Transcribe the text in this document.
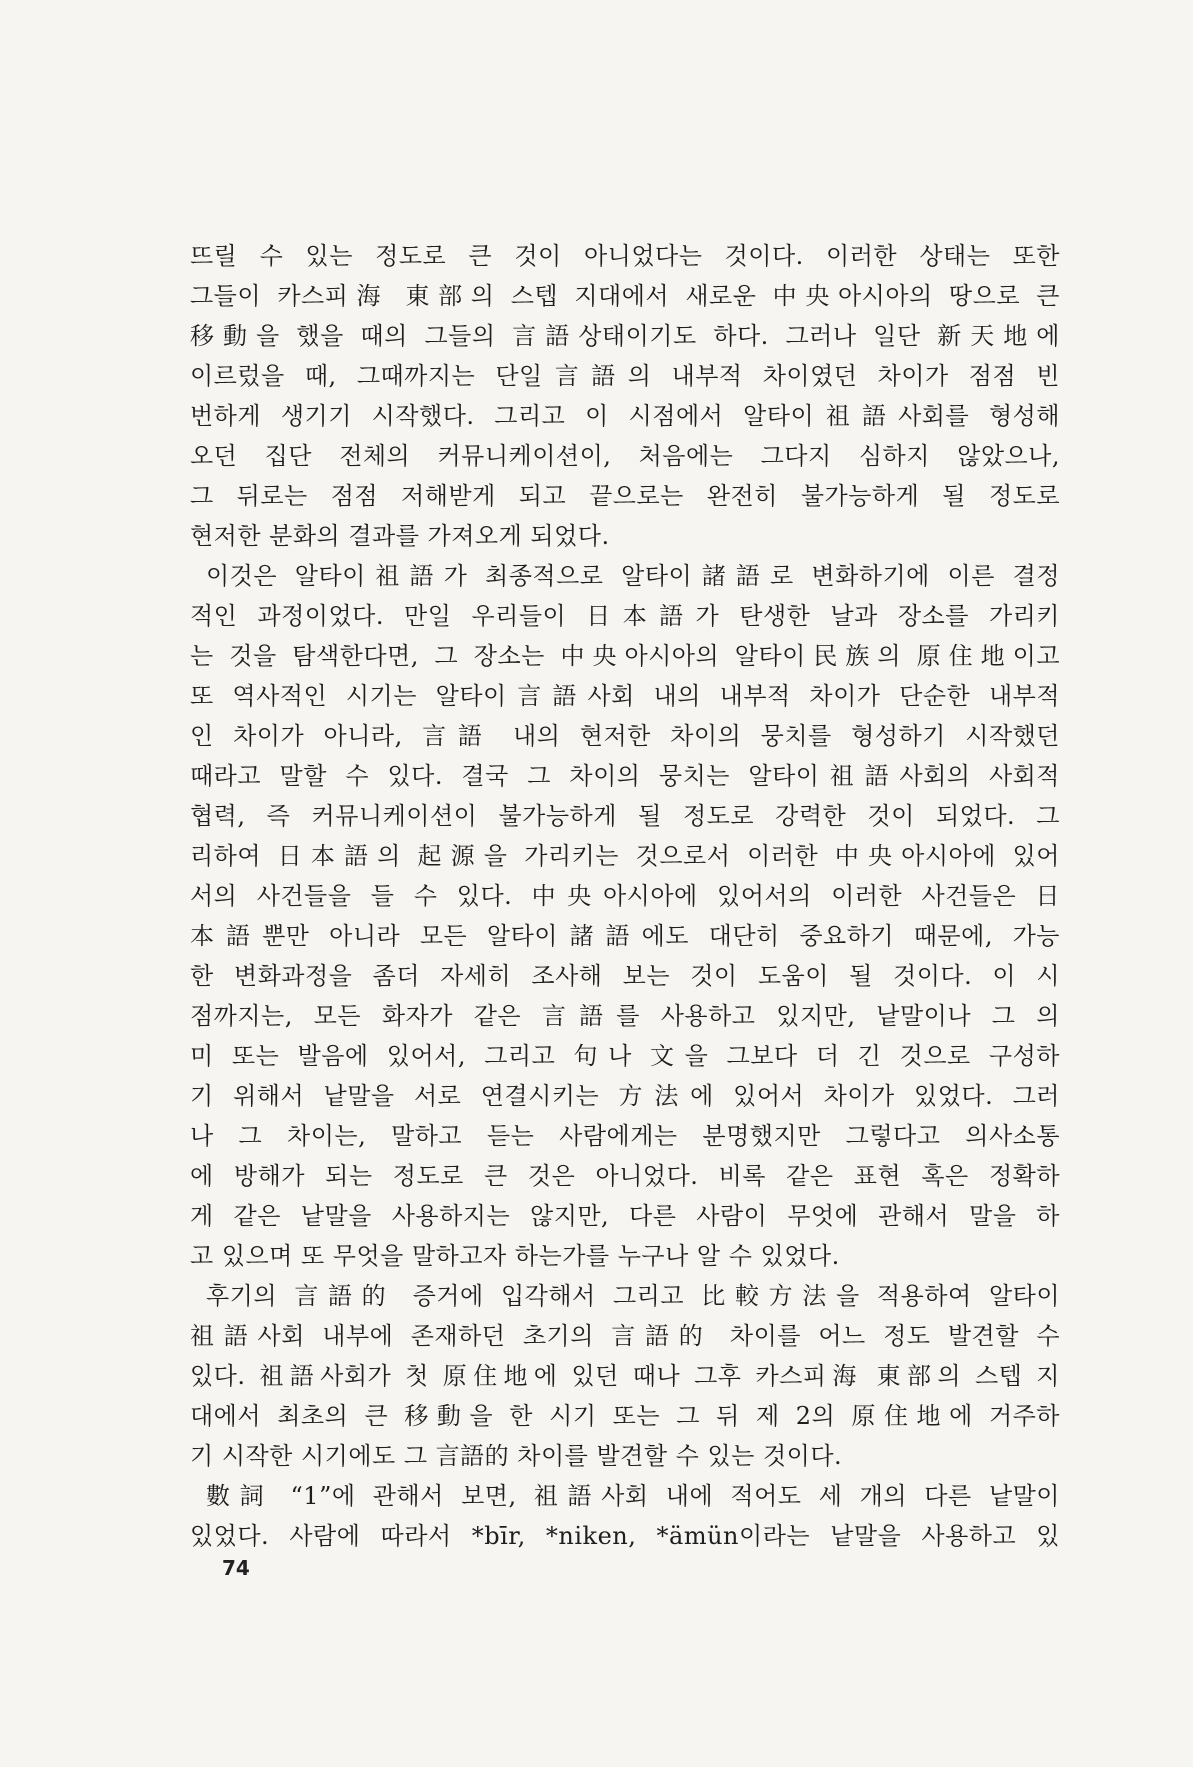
뜨릴 수 있는 정도로 큰 것이 아니었다는 것이다. 이러한 상태는 또한
그들이 카스피海 東部의 스텝 지대에서 새로운 中央아시아의 땅으로 큰
移動을 했을 때의 그들의 言語상태이기도 하다. 그러나 일단 新天地에
이르렀을 때, 그때까지는 단일言語의 내부적 차이였던 차이가 점점 빈
번하게 생기기 시작했다. 그리고 이 시점에서 알타이祖語사회를 형성해
오던 집단 전체의 커뮤니케이션이, 처음에는 그다지 심하지 않았으나,
그 뒤로는 점점 저해받게 되고 끝으로는 완전히 불가능하게 될 정도로
현저한 분화의 결과를 가져오게 되었다.
이것은 알타이祖語가 최종적으로 알타이諸語로 변화하기에 이른 결정
적인 과정이었다. 만일 우리들이 日本語가 탄생한 날과 장소를 가리키
는 것을 탐색한다면, 그 장소는 中央아시아의 알타이民族의 原住地이고
또 역사적인 시기는 알타이言語사회 내의 내부적 차이가 단순한 내부적
인 차이가 아니라, 言語 내의 현저한 차이의 뭉치를 형성하기 시작했던
때라고 말할 수 있다. 결국 그 차이의 뭉치는 알타이祖語사회의 사회적
협력, 즉 커뮤니케이션이 불가능하게 될 정도로 강력한 것이 되었다. 그
리하여 日本語의 起源을 가리키는 것으로서 이러한 中央아시아에 있어
서의 사건들을 들 수 있다. 中央아시아에 있어서의 이러한 사건들은 日
本語뿐만 아니라 모든 알타이諸語에도 대단히 중요하기 때문에, 가능
한 변화과정을 좀더 자세히 조사해 보는 것이 도움이 될 것이다. 이 시
점까지는, 모든 화자가 같은 言語를 사용하고 있지만, 낱말이나 그 의
미 또는 발음에 있어서, 그리고 句나 文을 그보다 더 긴 것으로 구성하
기 위해서 낱말을 서로 연결시키는 方法에 있어서 차이가 있었다. 그러
나 그 차이는, 말하고 듣는 사람에게는 분명했지만 그렇다고 의사소통
에 방해가 되는 정도로 큰 것은 아니었다. 비록 같은 표현 혹은 정확하
게 같은 낱말을 사용하지는 않지만, 다른 사람이 무엇에 관해서 말을 하
고 있으며 또 무엇을 말하고자 하는가를 누구나 알 수 있었다.
후기의 言語的 증거에 입각해서 그리고 比較方法을 적용하여 알타이
祖語사회 내부에 존재하던 초기의 言語的 차이를 어느 정도 발견할 수
있다. 祖語사회가 첫 原住地에 있던 때나 그후 카스피海 東部의 스텝 지
대에서 최초의 큰 移動을 한 시기 또는 그 뒤 제 2의 原住地에 거주하
기 시작한 시기에도 그 言語的 차이를 발견할 수 있는 것이다.
數詞 “1”에 관해서 보면, 祖語사회 내에 적어도 세 개의 다른 낱말이
있었다. 사람에 따라서 *bīr, *niken, *ämün이라는 낱말을 사용하고 있
74
